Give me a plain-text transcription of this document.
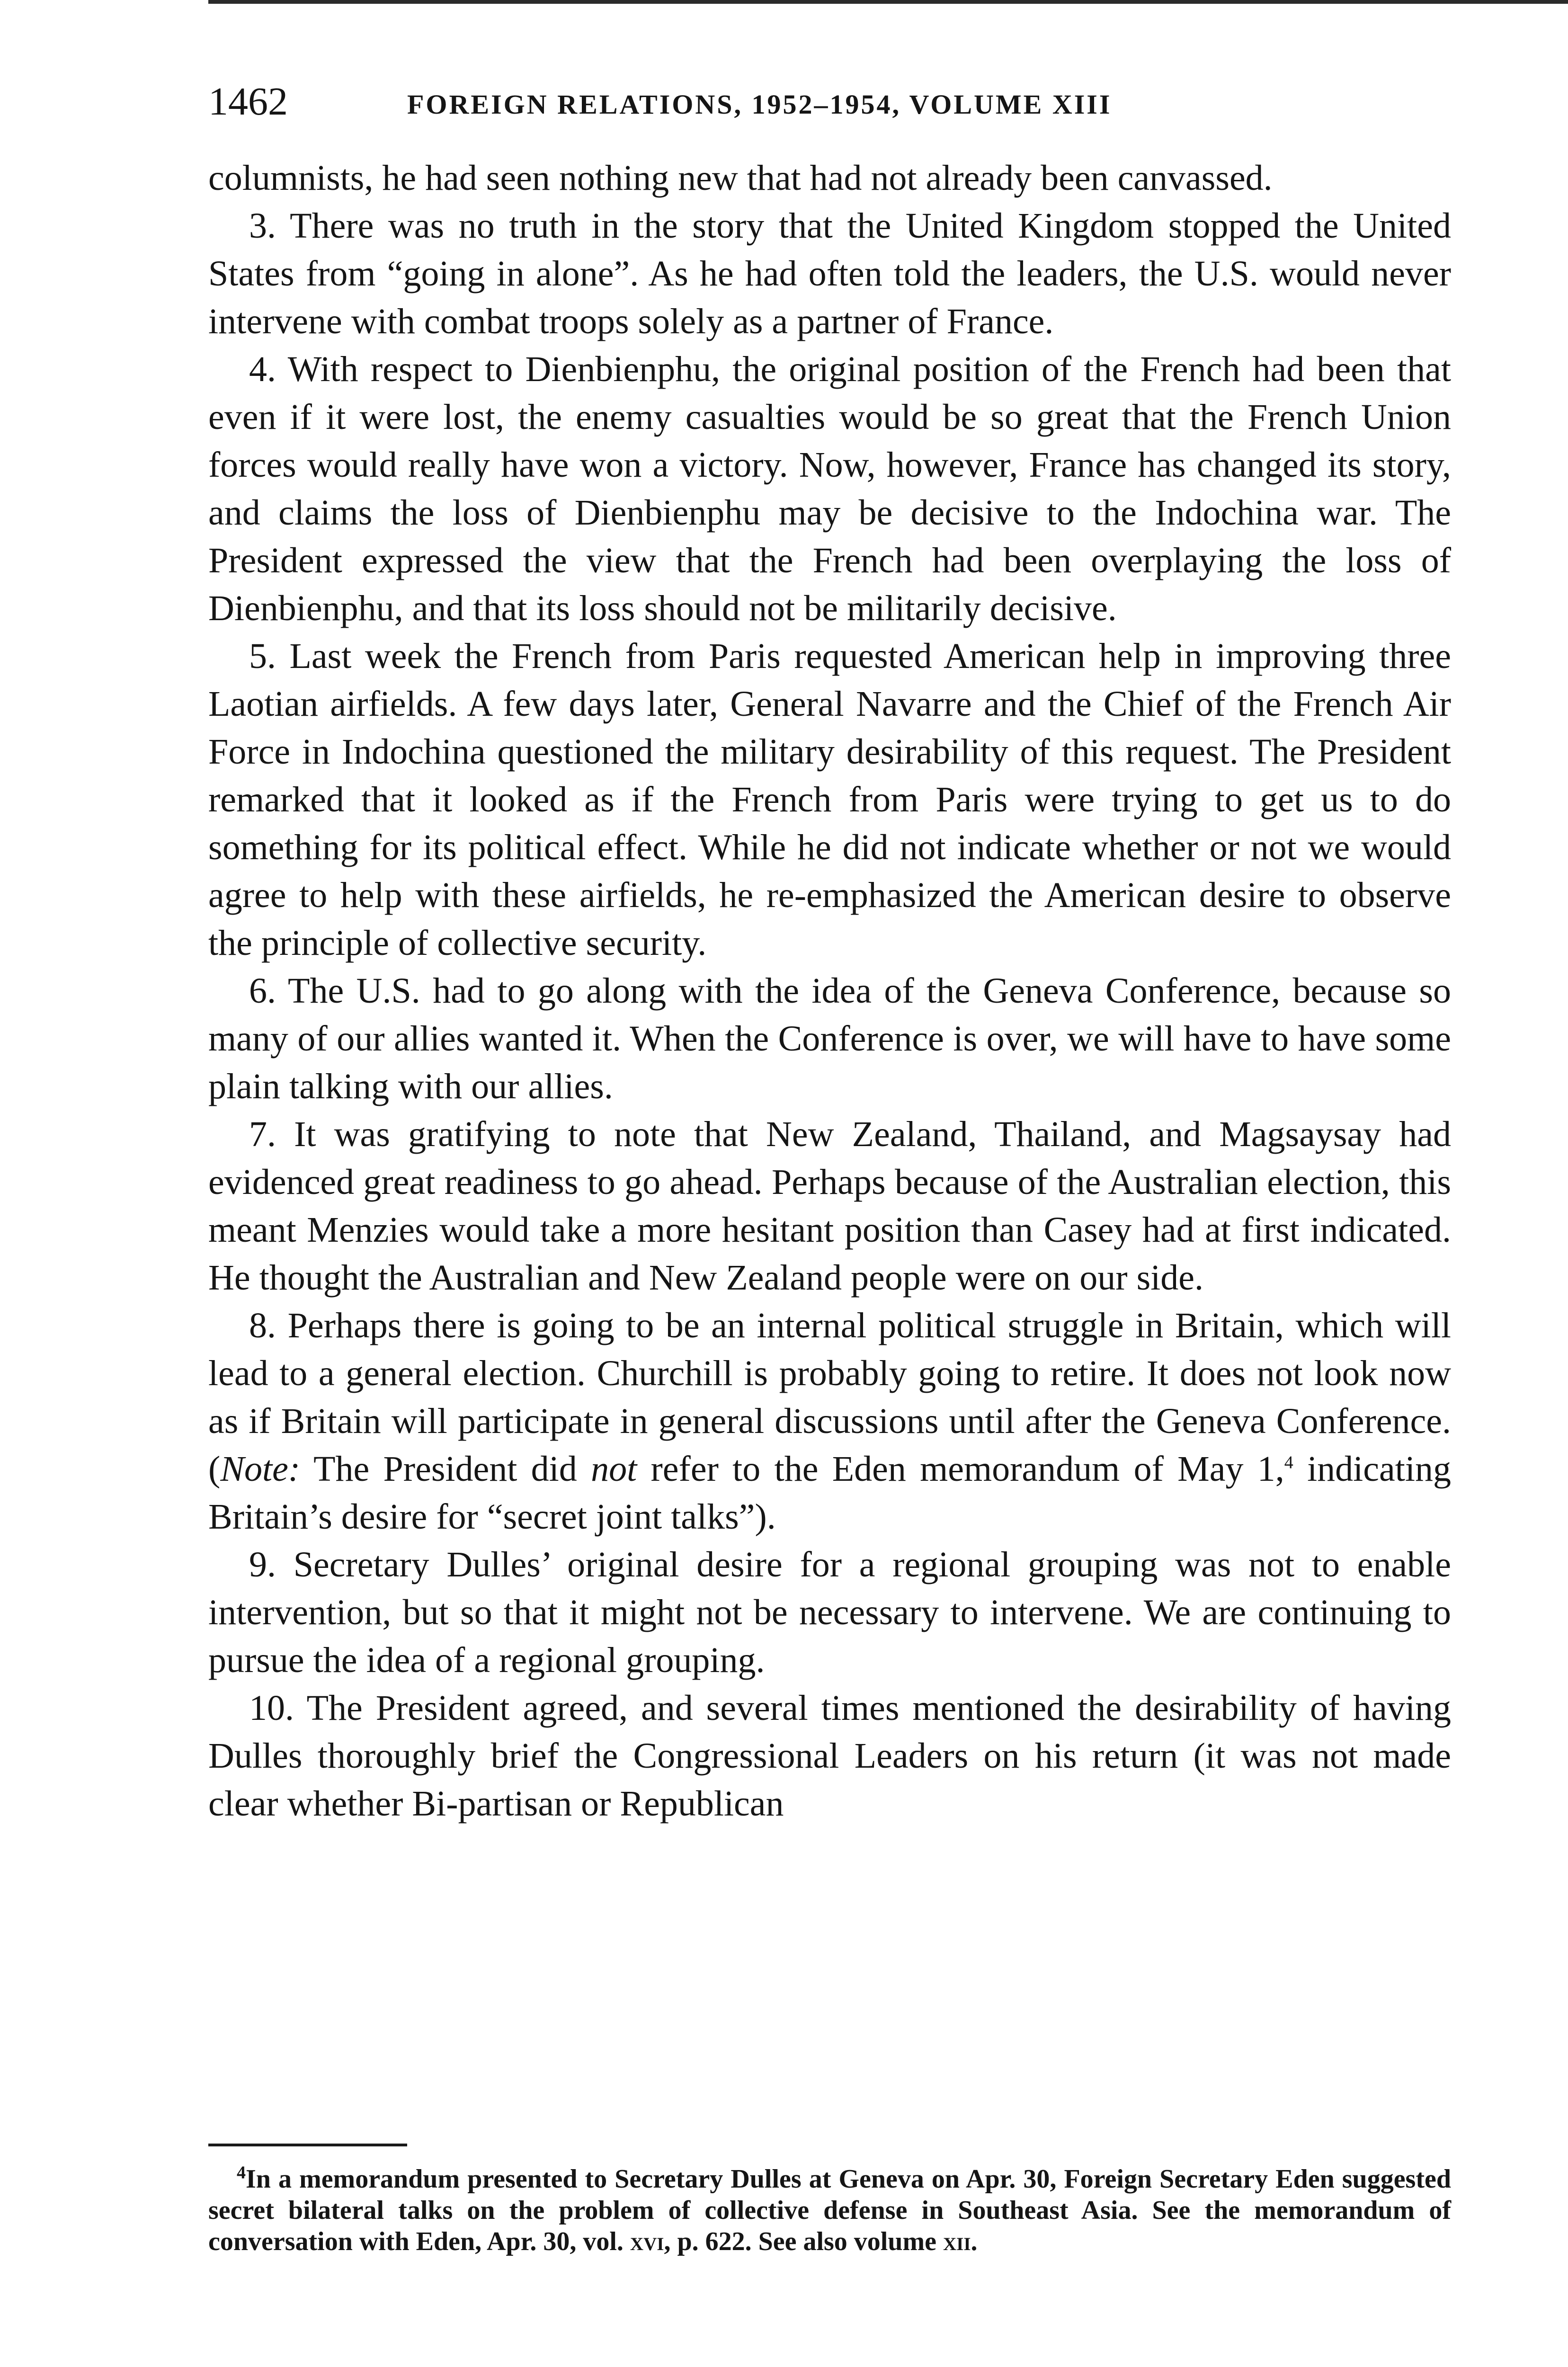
1462	FOREIGN RELATIONS, 1952–1954, VOLUME XIII

columnists, he had seen nothing new that had not already been canvassed.

3. There was no truth in the story that the United Kingdom stopped the United States from “going in alone”. As he had often told the leaders, the U.S. would never intervene with combat troops solely as a partner of France.

4. With respect to Dienbienphu, the original position of the French had been that even if it were lost, the enemy casualties would be so great that the French Union forces would really have won a victory. Now, however, France has changed its story, and claims the loss of Dienbienphu may be decisive to the Indochina war. The President expressed the view that the French had been overplaying the loss of Dienbienphu, and that its loss should not be militarily decisive.

5. Last week the French from Paris requested American help in improving three Laotian airfields. A few days later, General Navarre and the Chief of the French Air Force in Indochina questioned the military desirability of this request. The President remarked that it looked as if the French from Paris were trying to get us to do something for its political effect. While he did not indicate whether or not we would agree to help with these airfields, he re-emphasized the American desire to observe the principle of collective security.

6. The U.S. had to go along with the idea of the Geneva Conference, because so many of our allies wanted it. When the Conference is over, we will have to have some plain talking with our allies.

7. It was gratifying to note that New Zealand, Thailand, and Magsaysay had evidenced great readiness to go ahead. Perhaps because of the Australian election, this meant Menzies would take a more hesitant position than Casey had at first indicated. He thought the Australian and New Zealand people were on our side.

8. Perhaps there is going to be an internal political struggle in Britain, which will lead to a general election. Churchill is probably going to retire. It does not look now as if Britain will participate in general discussions until after the Geneva Conference. (Note: The President did not refer to the Eden memorandum of May 1,$^4$ indicating Britain’s desire for “secret joint talks”).

9. Secretary Dulles’ original desire for a regional grouping was not to enable intervention, but so that it might not be necessary to intervene. We are continuing to pursue the idea of a regional grouping.

10. The President agreed, and several times mentioned the desirability of having Dulles thoroughly brief the Congressional Leaders on his return (it was not made clear whether Bi-partisan or Republican

$^4$In a memorandum presented to Secretary Dulles at Geneva on Apr. 30, Foreign Secretary Eden suggested secret bilateral talks on the problem of collective defense in Southeast Asia. See the memorandum of conversation with Eden, Apr. 30, vol. xvi, p. 622. See also volume xii.
